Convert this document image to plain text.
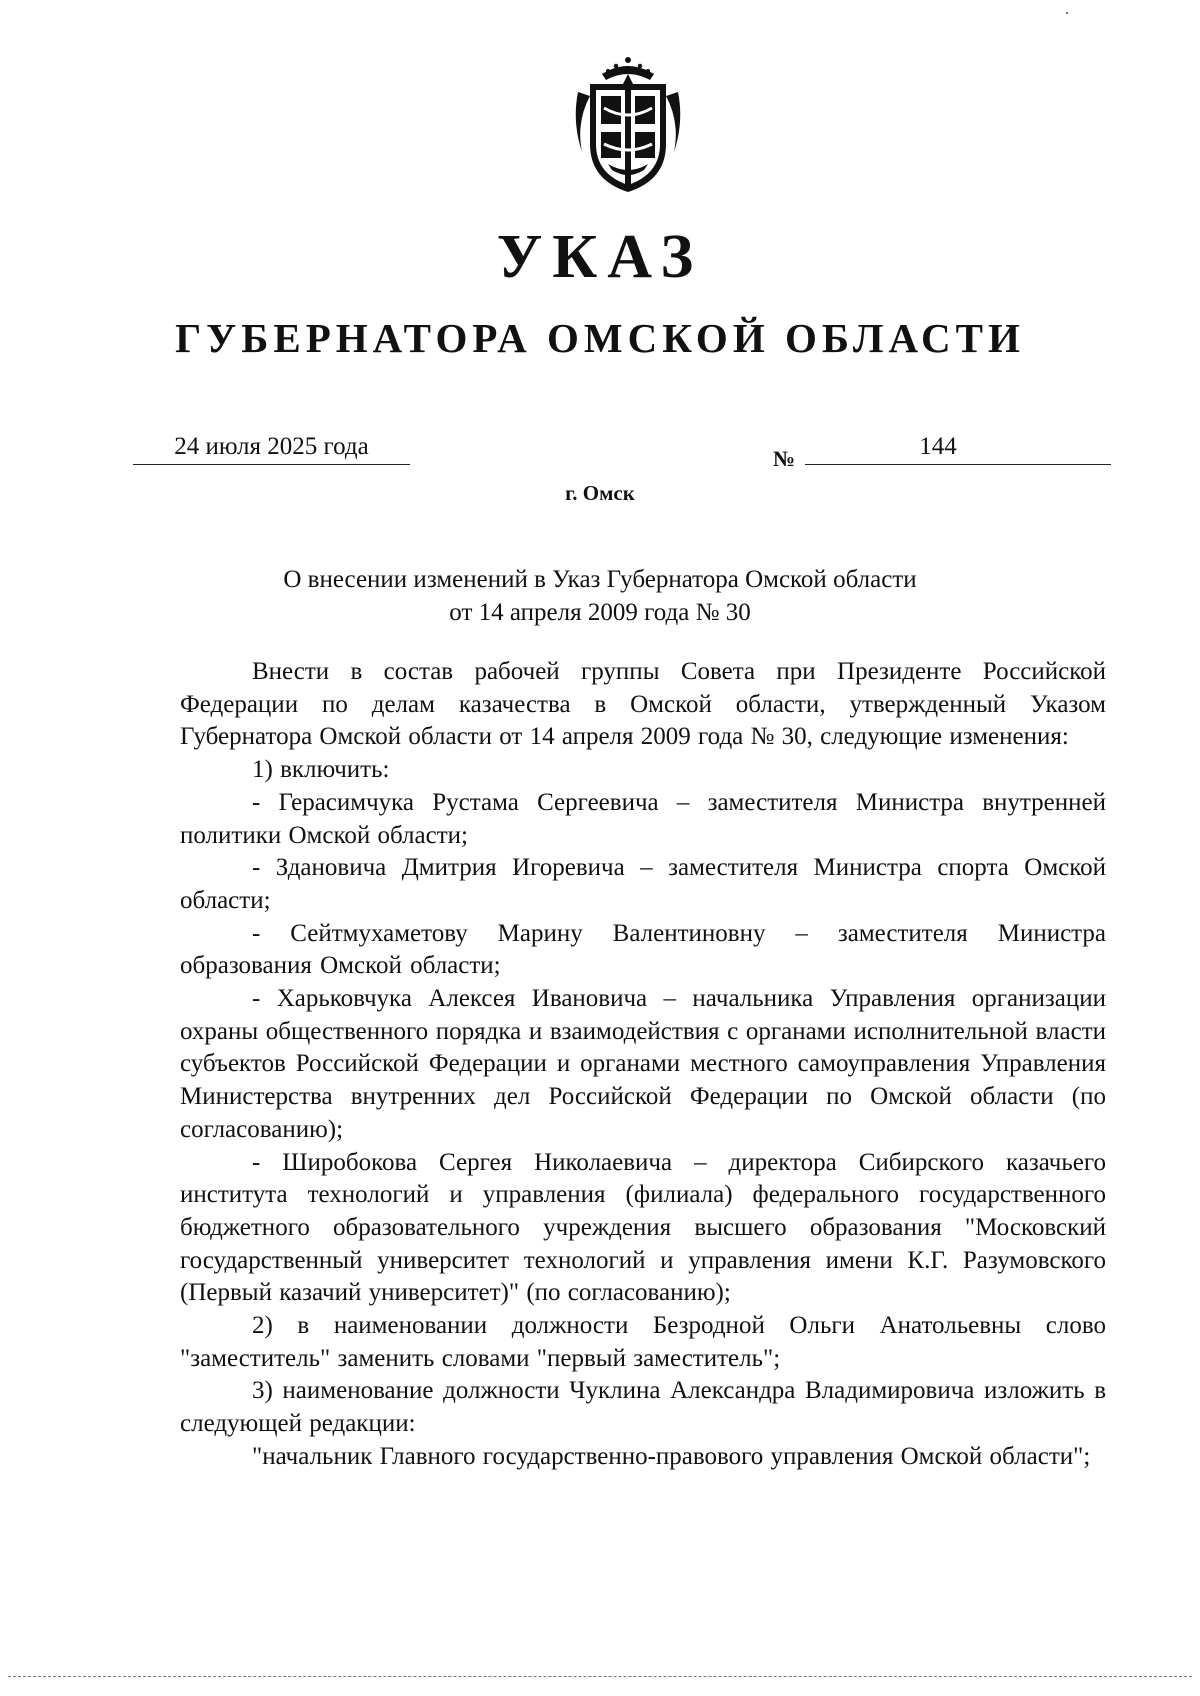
УКАЗ
ГУБЕРНАТОРА ОМСКОЙ ОБЛАСТИ
24 июля 2025 года	№	144
г. Омск
О внесении изменений в Указ Губернатора Омской области
от 14 апреля 2009 года № 30

Внести в состав рабочей группы Совета при Президенте Российской Федерации по делам казачества в Омской области, утвержденный Указом Губернатора Омской области от 14 апреля 2009 года № 30, следующие изменения:

1) включить:

- Герасимчука Рустама Сергеевича – заместителя Министра внутренней политики Омской области;

- Здановича Дмитрия Игоревича – заместителя Министра спорта Омской области;

- Сейтмухаметову Марину Валентиновну – заместителя Министра образования Омской области;

- Харьковчука Алексея Ивановича – начальника Управления организации охраны общественного порядка и взаимодействия с органами исполнительной власти субъектов Российской Федерации и органами местного самоуправления Управления Министерства внутренних дел Российской Федерации по Омской области (по согласованию);

- Широбокова Сергея Николаевича – директора Сибирского казачьего института технологий и управления (филиала) федерального государственного бюджетного образовательного учреждения высшего образования "Московский государственный университет технологий и управления имени К.Г. Разумовского (Первый казачий университет)" (по согласованию);

2) в наименовании должности Безродной Ольги Анатольевны слово "заместитель" заменить словами "первый заместитель";

3) наименование должности Чуклина Александра Владимировича изложить в следующей редакции:

"начальник Главного государственно-правового управления Омской области";
